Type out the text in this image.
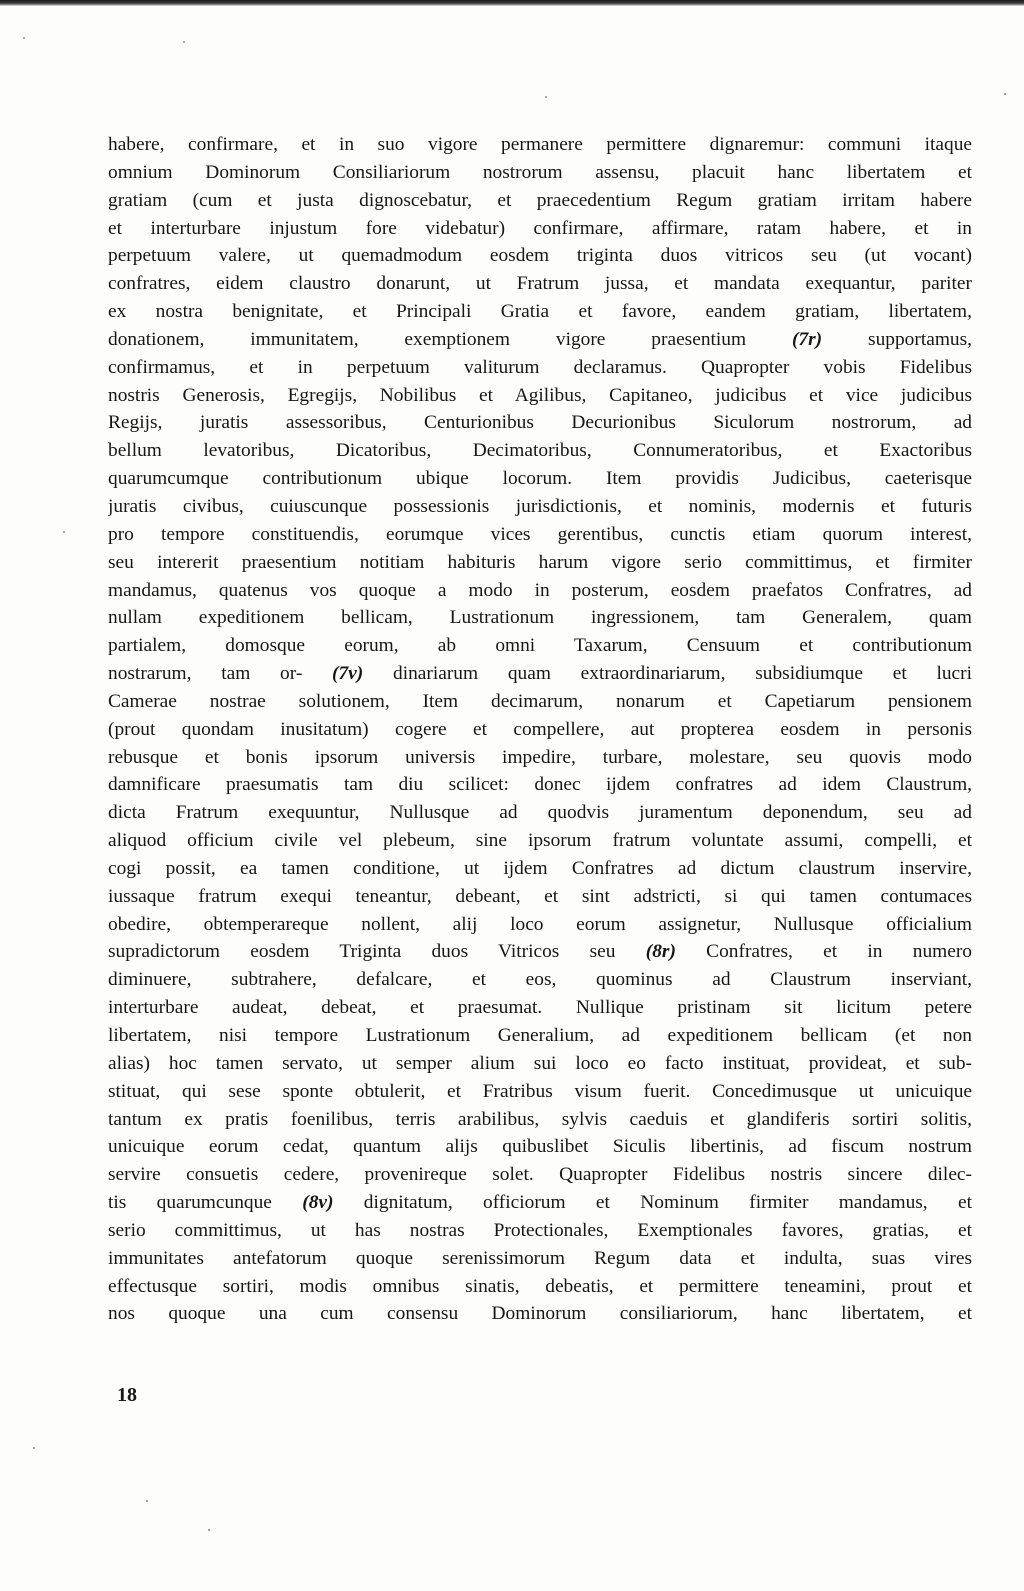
habere, confirmare, et in suo vigore permanere permittere dignaremur: communi itaque
omnium Dominorum Consiliariorum nostrorum assensu, placuit hanc libertatem et
gratiam (cum et justa dignoscebatur, et praecedentium Regum gratiam irritam habere
et interturbare injustum fore videbatur) confirmare, affirmare, ratam habere, et in
perpetuum valere, ut quemadmodum eosdem triginta duos vitricos seu (ut vocant)
confratres, eidem claustro donarunt, ut Fratrum jussa, et mandata exequantur, pariter
ex nostra benignitate, et Principali Gratia et favore, eandem gratiam, libertatem,
donationem, immunitatem, exemptionem vigore praesentium (7r) supportamus,
confirmamus, et in perpetuum valiturum declaramus. Quapropter vobis Fidelibus
nostris Generosis, Egregijs, Nobilibus et Agilibus, Capitaneo, judicibus et vice judicibus
Regijs, juratis assessoribus, Centurionibus Decurionibus Siculorum nostrorum, ad
bellum levatoribus, Dicatoribus, Decimatoribus, Connumeratoribus, et Exactoribus
quarumcumque contributionum ubique locorum. Item providis Judicibus, caeterisque
juratis civibus, cuiuscunque possessionis jurisdictionis, et nominis, modernis et futuris
pro tempore constituendis, eorumque vices gerentibus, cunctis etiam quorum interest,
seu intererit praesentium notitiam habituris harum vigore serio committimus, et firmiter
mandamus, quatenus vos quoque a modo in posterum, eosdem praefatos Confratres, ad
nullam expeditionem bellicam, Lustrationum ingressionem, tam Generalem, quam
partialem, domosque eorum, ab omni Taxarum, Censuum et contributionum
nostrarum, tam or- (7v) dinariarum quam extraordinariarum, subsidiumque et lucri
Camerae nostrae solutionem, Item decimarum, nonarum et Capetiarum pensionem
(prout quondam inusitatum) cogere et compellere, aut propterea eosdem in personis
rebusque et bonis ipsorum universis impedire, turbare, molestare, seu quovis modo
damnificare praesumatis tam diu scilicet: donec ijdem confratres ad idem Claustrum,
dicta Fratrum exequuntur, Nullusque ad quodvis juramentum deponendum, seu ad
aliquod officium civile vel plebeum, sine ipsorum fratrum voluntate assumi, compelli, et
cogi possit, ea tamen conditione, ut ijdem Confratres ad dictum claustrum inservire,
iussaque fratrum exequi teneantur, debeant, et sint adstricti, si qui tamen contumaces
obedire, obtemperareque nollent, alij loco eorum assignetur, Nullusque officialium
supradictorum eosdem Triginta duos Vitricos seu (8r) Confratres, et in numero
diminuere, subtrahere, defalcare, et eos, quominus ad Claustrum inserviant,
interturbare audeat, debeat, et praesumat. Nullique pristinam sit licitum petere
libertatem, nisi tempore Lustrationum Generalium, ad expeditionem bellicam (et non
alias) hoc tamen servato, ut semper alium sui loco eo facto instituat, provideat, et sub-
stituat, qui sese sponte obtulerit, et Fratribus visum fuerit. Concedimusque ut unicuique
tantum ex pratis foenilibus, terris arabilibus, sylvis caeduis et glandiferis sortiri solitis,
unicuique eorum cedat, quantum alijs quibuslibet Siculis libertinis, ad fiscum nostrum
servire consuetis cedere, provenireque solet. Quapropter Fidelibus nostris sincere dilec-
tis quarumcunque (8v) dignitatum, officiorum et Nominum firmiter mandamus, et
serio committimus, ut has nostras Protectionales, Exemptionales favores, gratias, et
immunitates antefatorum quoque serenissimorum Regum data et indulta, suas vires
effectusque sortiri, modis omnibus sinatis, debeatis, et permittere teneamini, prout et
nos quoque una cum consensu Dominorum consiliariorum, hanc libertatem, et
18
